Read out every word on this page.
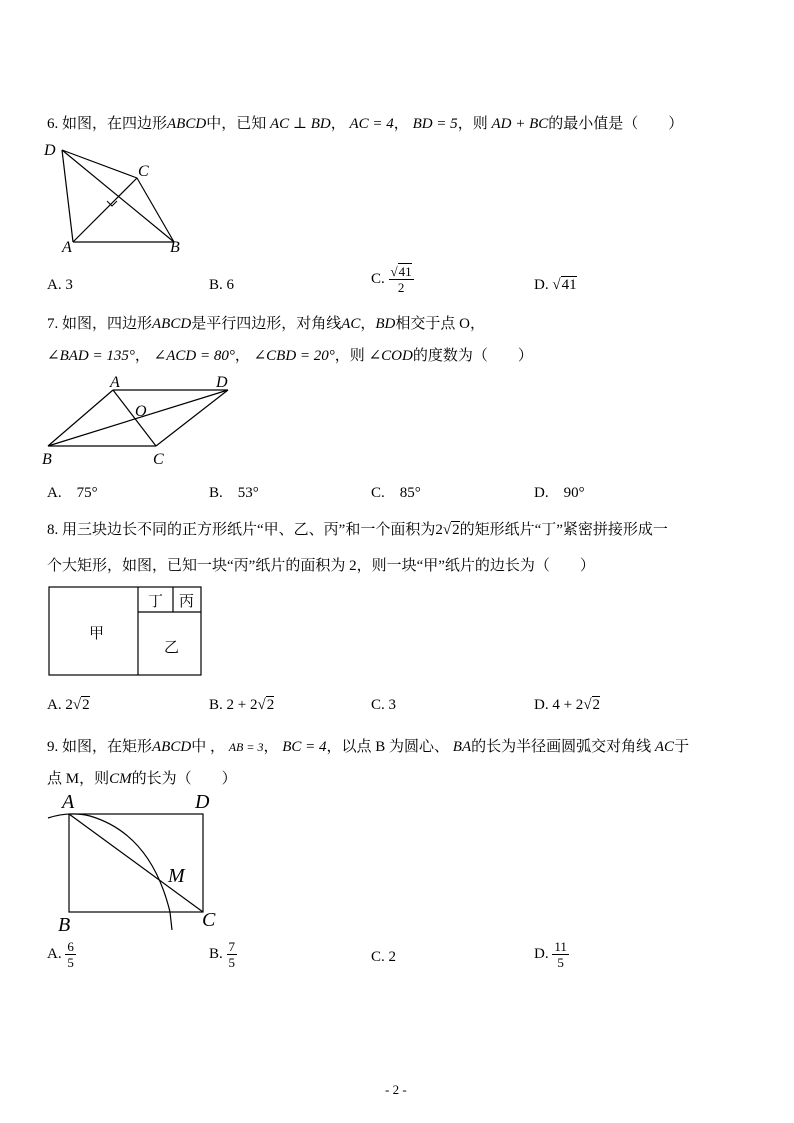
6. 如图，在四边形ABCD中，已知 AC ⊥ BD， AC = 4， BD = 5，则 AD + BC的最小值是（　　）
D
C
A	B
A. 3	B. 6	C. $\frac{√41}{2}$	D. √41
7. 如图，四边形ABCD是平行四边形，对角线AC，BD相交于点 O，
∠BAD = 135°， ∠ACD = 80°， ∠CBD = 20°，则 ∠COD的度数为（　　）
A	D
O
B	C
A.　75°	B.　53°	C.　85°	D.　90°
8. 用三块边长不同的正方形纸片“甲、乙、丙”和一个面积为2√2的矩形纸片“丁”紧密拼接形成一
个大矩形，如图，已知一块“丙”纸片的面积为 2，则一块“甲”纸片的边长为（　　）
甲
丁 丙
乙
A. 2√2	B. 2 + 2√2	C. 3	D. 4 + 2√2
9. 如图，在矩形ABCD中 ， AB = 3， BC = 4，以点 B 为圆心、 BA的长为半径画圆弧交对角线 AC于
点 M，则CM的长为（　　）
A	D
M
B	C
A. $\frac{6}{5}$	B. $\frac{7}{5}$	C. 2	D. $\frac{11}{5}$
- 2 -
